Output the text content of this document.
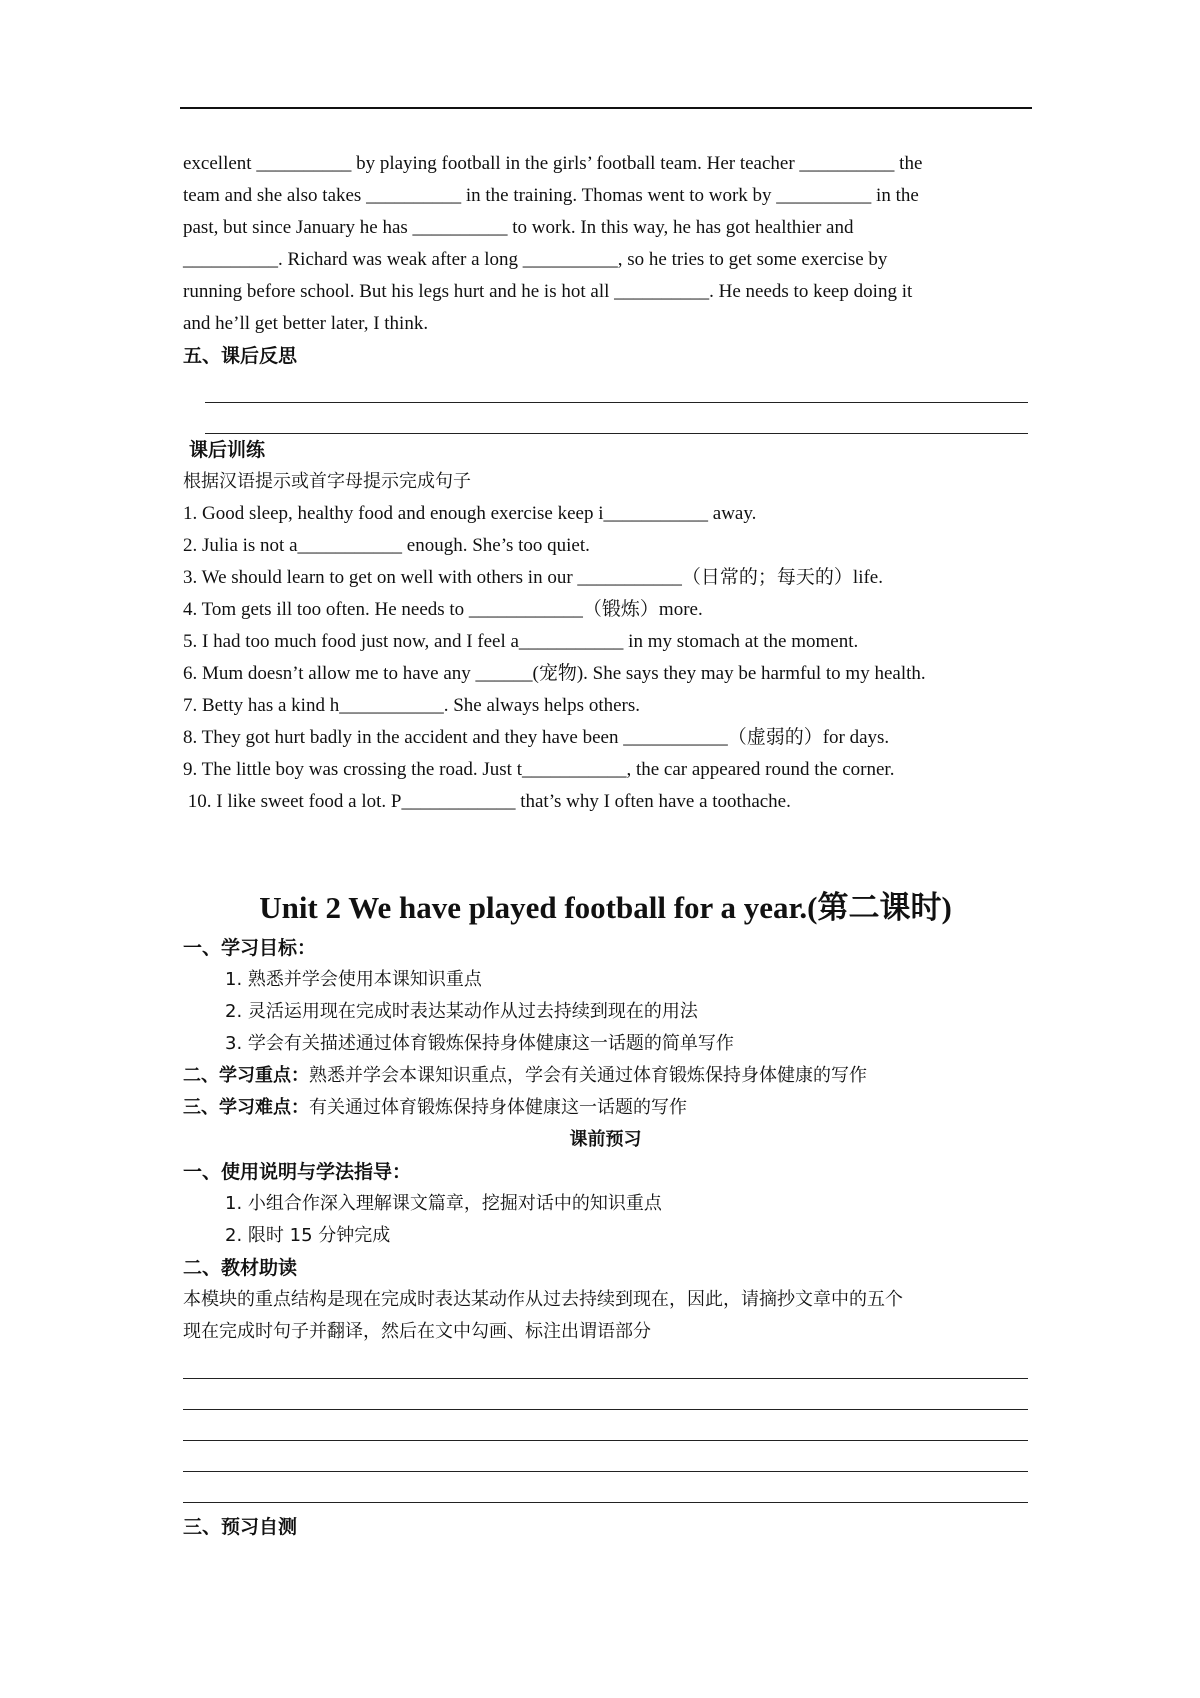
excellent __________ by playing football in the girls’ football team. Her teacher __________ the

team and she also takes __________ in the training. Thomas went to work by __________ in the

past, but since January he has __________ to work. In this way, he has got healthier and

__________. Richard was weak after a long __________, so he tries to get some exercise by

running before school. But his legs hurt and he is hot all __________. He needs to keep doing it

and he’ll get better later, I think.

五、课后反思

课后训练

根据汉语提示或首字母提示完成句子

1. Good sleep, healthy food and enough exercise keep i___________ away.

2. Julia is not a___________ enough. She’s too quiet.

3. We should learn to get on well with others in our ___________（日常的；每天的）life.

4. Tom gets ill too often. He needs to ____________（锻炼）more.

5. I had too much food just now, and I feel a___________ in my stomach at the moment.

6. Mum doesn’t allow me to have any ______(宠物). She says they may be harmful to my health.

7. Betty has a kind h___________. She always helps others.

8. They got hurt badly in the accident and they have been ___________（虚弱的）for days.

9. The little boy was crossing the road. Just t___________, the car appeared round the corner.

10. I like sweet food a lot. P____________ that’s why I often have a toothache.

Unit 2 We have played football for a year.(第二课时)

一、学习目标：

1. 熟悉并学会使用本课知识重点

2. 灵活运用现在完成时表达某动作从过去持续到现在的用法

3. 学会有关描述通过体育锻炼保持身体健康这一话题的简单写作

二、学习重点：熟悉并学会本课知识重点，学会有关通过体育锻炼保持身体健康的写作

三、学习难点：有关通过体育锻炼保持身体健康这一话题的写作

课前预习

一、使用说明与学法指导：

1. 小组合作深入理解课文篇章，挖掘对话中的知识重点

2. 限时 15 分钟完成

二、教材助读

本模块的重点结构是现在完成时表达某动作从过去持续到现在，因此，请摘抄文章中的五个

现在完成时句子并翻译，然后在文中勾画、标注出谓语部分

三、预习自测
